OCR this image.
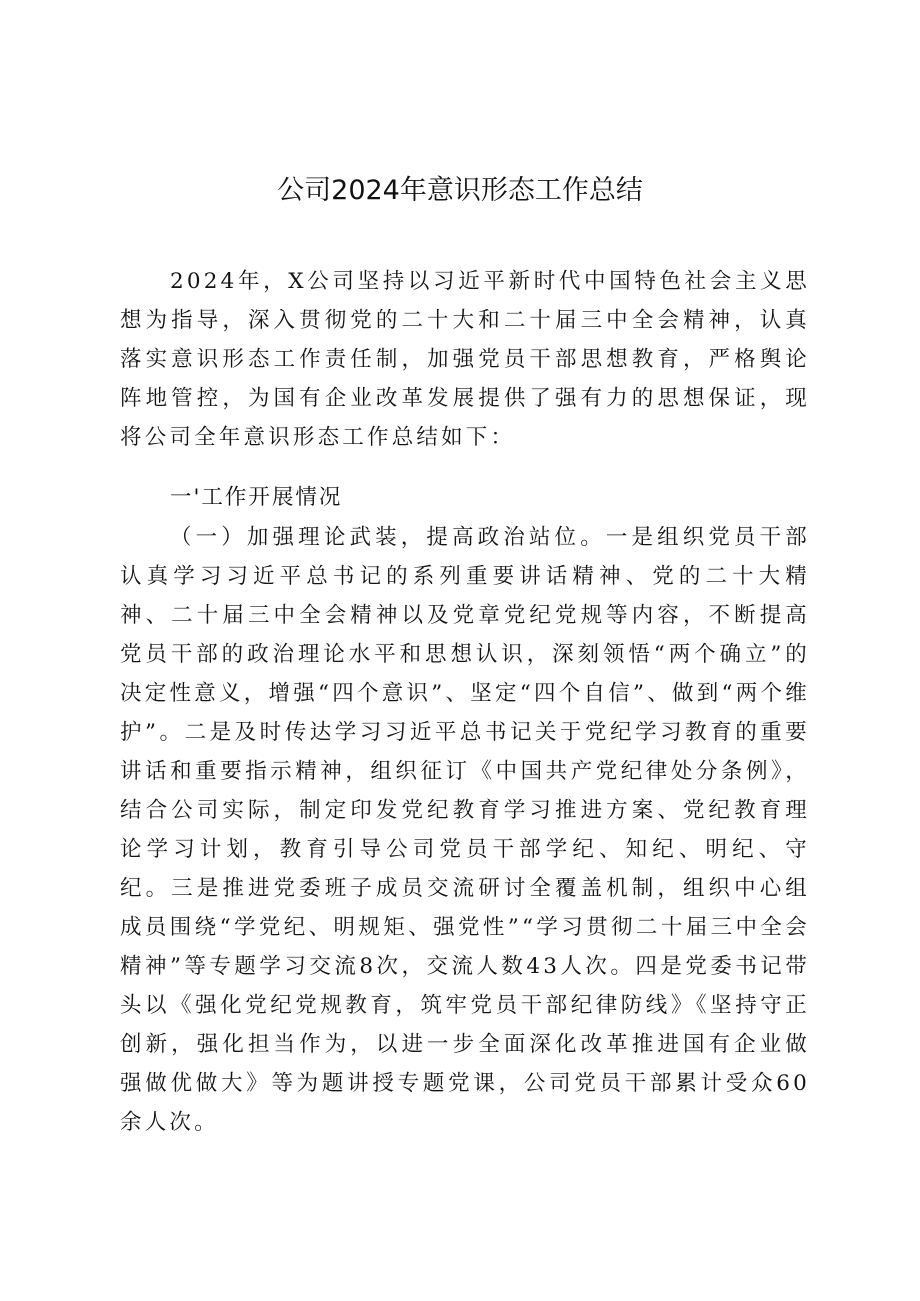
公司2024年意识形态工作总结

2024年，X公司坚持以习近平新时代中国特色社会主义思想为指导，深入贯彻党的二十大和二十届三中全会精神，认真落实意识形态工作责任制，加强党员干部思想教育，严格舆论阵地管控，为国有企业改革发展提供了强有力的思想保证，现将公司全年意识形态工作总结如下：

一'工作开展情况

（一）加强理论武装，提高政治站位。一是组织党员干部认真学习习近平总书记的系列重要讲话精神、党的二十大精神、二十届三中全会精神以及党章党纪党规等内容，不断提高党员干部的政治理论水平和思想认识，深刻领悟“两个确立”的决定性意义，增强“四个意识”、坚定“四个自信”、做到“两个维护”。二是及时传达学习习近平总书记关于党纪学习教育的重要讲话和重要指示精神，组织征订《中国共产党纪律处分条例》，结合公司实际，制定印发党纪教育学习推进方案、党纪教育理论学习计划，教育引导公司党员干部学纪、知纪、明纪、守纪。三是推进党委班子成员交流研讨全覆盖机制，组织中心组成员围绕“学党纪、明规矩、强党性”“学习贯彻二十届三中全会精神”等专题学习交流8次，交流人数43人次。四是党委书记带头以《强化党纪党规教育，筑牢党员干部纪律防线》《坚持守正创新，强化担当作为，以进一步全面深化改革推进国有企业做强做优做大》等为题讲授专题党课，公司党员干部累计受众60余人次。
